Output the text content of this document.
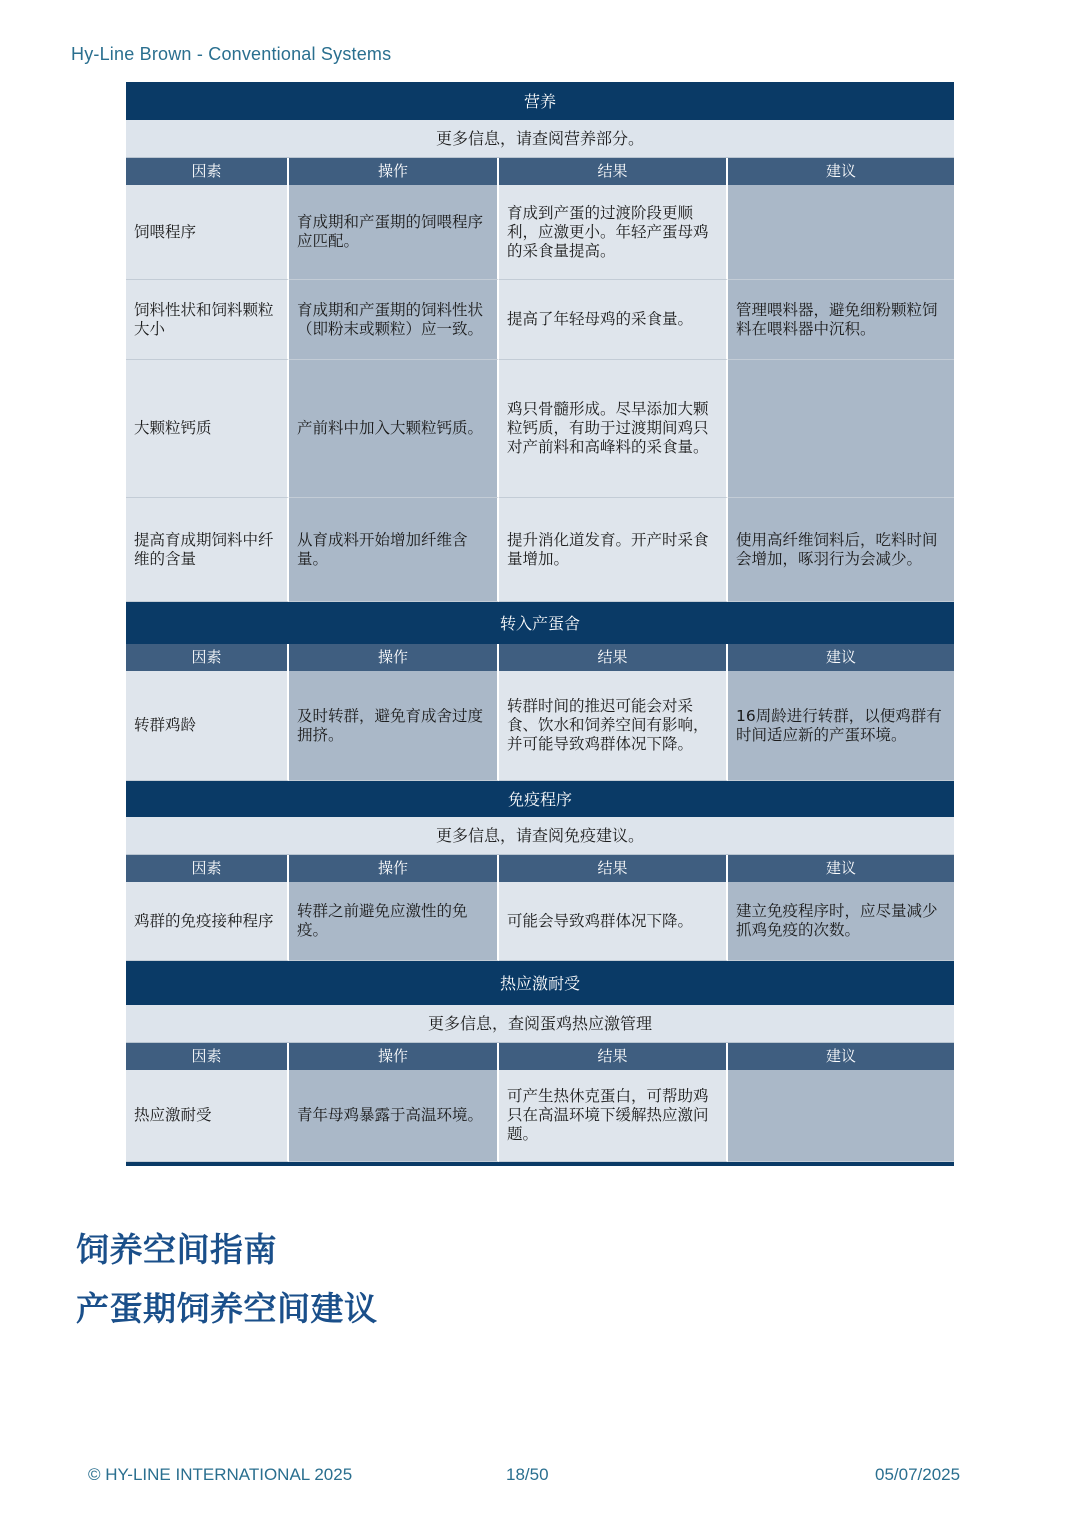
Hy-Line Brown - Conventional Systems
营养			
更多信息，请查阅营养部分。			
因素	操作	结果	建议
饲喂程序	育成期和产蛋期的饲喂程序应匹配。	育成到产蛋的过渡阶段更顺利，应激更小。年轻产蛋母鸡的采食量提高。	
饲料性状和饲料颗粒大小	育成期和产蛋期的饲料性状（即粉末或颗粒）应一致。	提高了年轻母鸡的采食量。	管理喂料器，避免细粉颗粒饲料在喂料器中沉积。
大颗粒钙质	产前料中加入大颗粒钙质。	鸡只骨髓形成。尽早添加大颗粒钙质，有助于过渡期间鸡只对产前料和高峰料的采食量。	
提高育成期饲料中纤维的含量	从育成料开始增加纤维含量。	提升消化道发育。开产时采食量增加。	使用高纤维饲料后，吃料时间会增加，啄羽行为会减少。
转入产蛋舍			
因素	操作	结果	建议
转群鸡龄	及时转群，避免育成舍过度拥挤。	转群时间的推迟可能会对采食、饮水和饲养空间有影响，并可能导致鸡群体况下降。	16周龄进行转群，以便鸡群有时间适应新的产蛋环境。
免疫程序			
更多信息，请查阅免疫建议。			
因素	操作	结果	建议
鸡群的免疫接种程序	转群之前避免应激性的免疫。	可能会导致鸡群体况下降。	建立免疫程序时，应尽量减少抓鸡免疫的次数。
热应激耐受			
更多信息，查阅蛋鸡热应激管理			
因素	操作	结果	建议
热应激耐受	青年母鸡暴露于高温环境。	可产生热休克蛋白，可帮助鸡只在高温环境下缓解热应激问题。	
饲养空间指南
产蛋期饲养空间建议
© HY-LINE INTERNATIONAL 2025	18/50	05/07/2025
